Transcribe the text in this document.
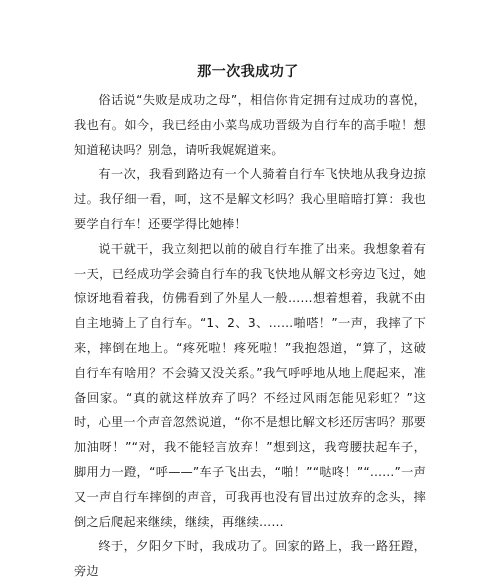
那一次我成功了

俗话说“失败是成功之母”，相信你肯定拥有过成功的喜悦，我也有。如今，我已经由小菜鸟成功晋级为自行车的高手啦！想知道秘诀吗？别急，请听我娓娓道来。

有一次，我看到路边有一个人骑着自行车飞快地从我身边掠过。我仔细一看，呵，这不是解文杉吗？我心里暗暗打算：我也要学自行车！还要学得比她棒！

说干就干，我立刻把以前的破自行车推了出来。我想象着有一天，已经成功学会骑自行车的我飞快地从解文杉旁边飞过，她惊讶地看着我，仿佛看到了外星人一般……想着想着，我就不由自主地骑上了自行车。“1、2、3、……啪嗒！”一声，我摔了下来，摔倒在地上。“疼死啦！疼死啦！”我抱怨道，“算了，这破自行车有啥用？不会骑又没关系。”我气呼呼地从地上爬起来，准备回家。“真的就这样放弃了吗？不经过风雨怎能见彩虹？”这时，心里一个声音忽然说道，“你不是想比解文杉还厉害吗？那要加油呀！”“对，我不能轻言放弃！”想到这，我弯腰扶起车子，脚用力一蹬，“呼——”车子飞出去，“啪！”“哒咚！”“……”一声又一声自行车摔倒的声音，可我再也没有冒出过放弃的念头，摔倒之后爬起来继续，继续，再继续……

终于，夕阳夕下时，我成功了。回家的路上，我一路狂蹬，旁边
